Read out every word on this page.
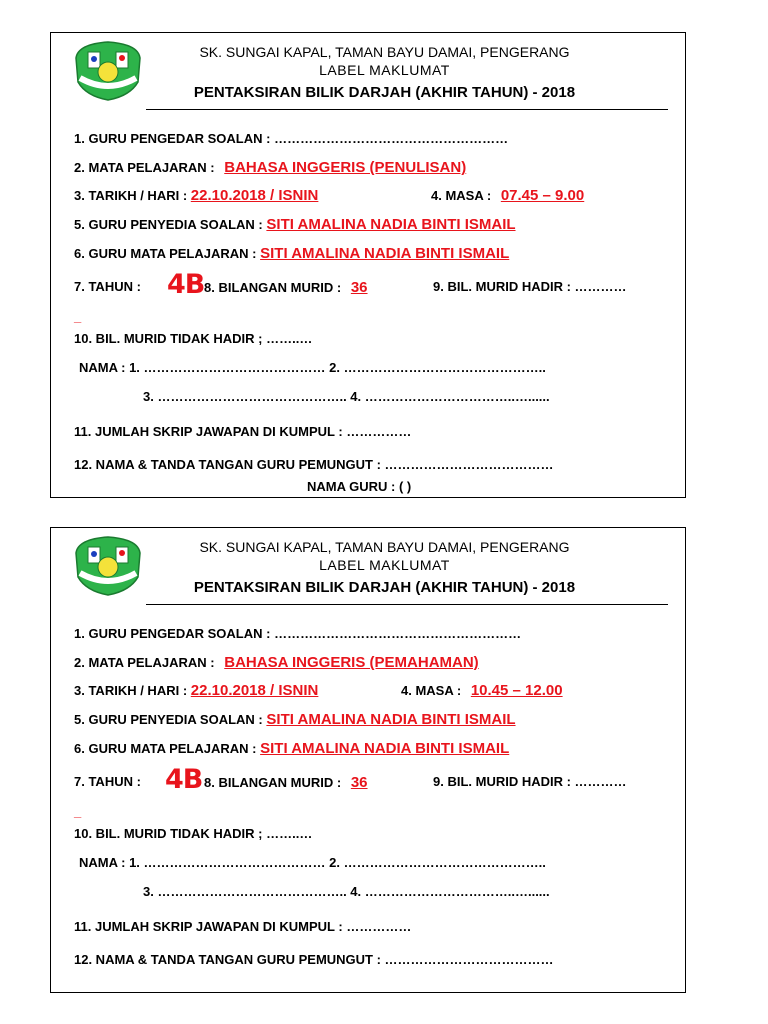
SK. SUNGAI KAPAL, TAMAN BAYU DAMAI, PENGERANG
LABEL MAKLUMAT
PENTAKSIRAN BILIK DARJAH (AKHIR TAHUN) - 2018
1. GURU PENGEDAR SOALAN : ………………………………………………
2. MATA PELAJARAN : BAHASA INGGERIS (PENULISAN)
3. TARIKH / HARI : 22.10.2018 / ISNIN	4. MASA : 07.45 – 9.00
5. GURU PENYEDIA SOALAN : SITI AMALINA NADIA BINTI ISMAIL
6. GURU MATA PELAJARAN : SITI AMALINA NADIA BINTI ISMAIL
7. TAHUN : 4B 8. BILANGAN MURID : 36	9. BIL. MURID HADIR : …………
_
10. BIL. MURID TIDAK HADIR ; ……..…
NAMA : 1. …………………………………… 2. ………………………………………..
3. …………………………………….. 4. ……………………………..…......
11. JUMLAH SKRIP JAWAPAN DI KUMPUL : ……………
12. NAMA & TANDA TANGAN GURU PEMUNGUT : …………………………………
NAMA GURU : ( )
SK. SUNGAI KAPAL, TAMAN BAYU DAMAI, PENGERANG
LABEL MAKLUMAT
PENTAKSIRAN BILIK DARJAH (AKHIR TAHUN) - 2018
1. GURU PENGEDAR SOALAN : …………………………………………………
2. MATA PELAJARAN : BAHASA INGGERIS (PEMAHAMAN)
3. TARIKH / HARI : 22.10.2018 / ISNIN	4. MASA : 10.45 – 12.00
5. GURU PENYEDIA SOALAN : SITI AMALINA NADIA BINTI ISMAIL
6. GURU MATA PELAJARAN : SITI AMALINA NADIA BINTI ISMAIL
7. TAHUN : 4B 8. BILANGAN MURID : 36	9. BIL. MURID HADIR : …………
_
10. BIL. MURID TIDAK HADIR ; ……..…
NAMA : 1. …………………………………… 2. ………………………………………..
3. …………………………………….. 4. ……………………………..…......
11. JUMLAH SKRIP JAWAPAN DI KUMPUL : ……………
12. NAMA & TANDA TANGAN GURU PEMUNGUT : …………………………………
